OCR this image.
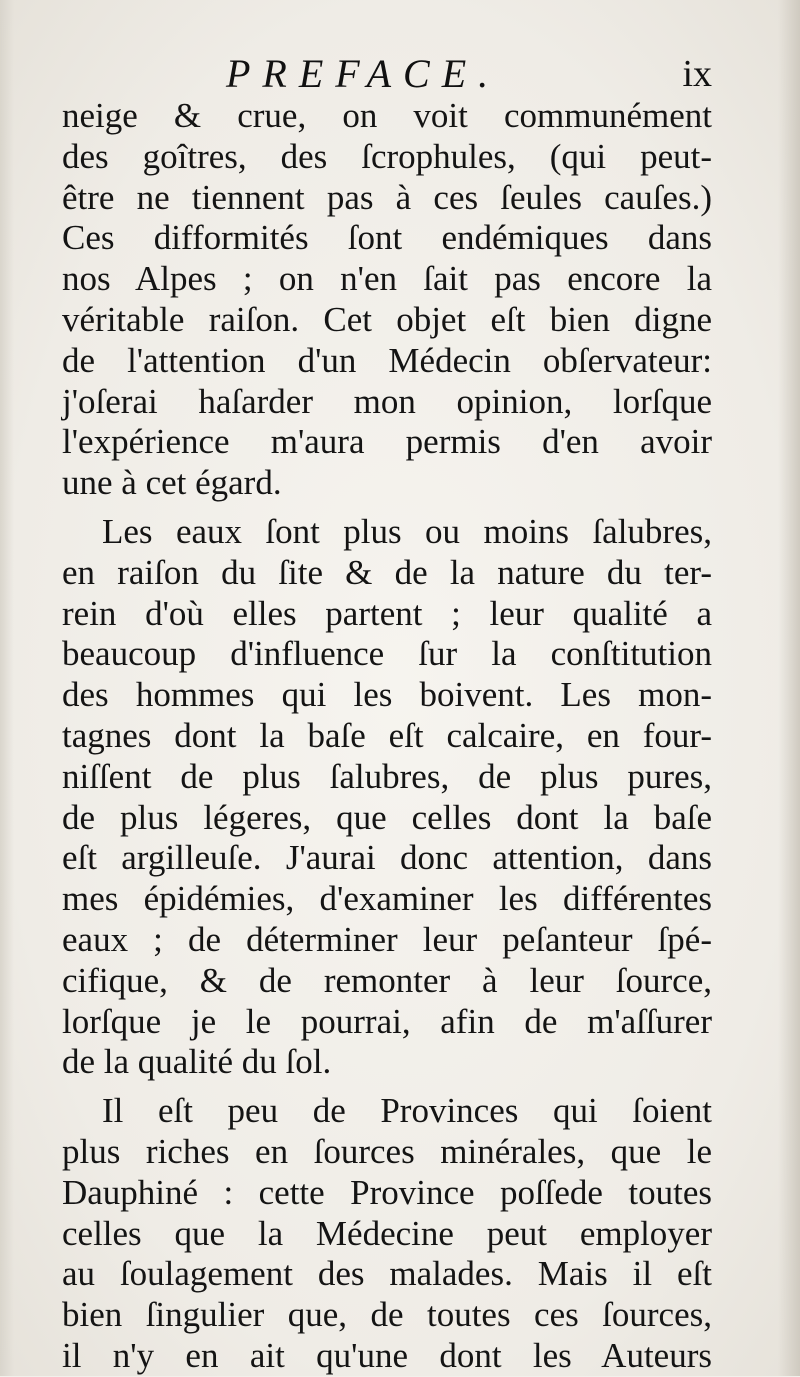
PREFACE.	ix
neige & crue, on voit communément
des goîtres, des ſcrophules, (qui peut-
être ne tiennent pas à ces ſeules cauſes.)
Ces difformités ſont endémiques dans
nos Alpes ; on n'en ſait pas encore la
véritable raiſon. Cet objet eſt bien digne
de l'attention d'un Médecin obſervateur:
j'oſerai haſarder mon opinion, lorſque
l'expérience m'aura permis d'en avoir
une à cet égard.
Les eaux ſont plus ou moins ſalubres,
en raiſon du ſite & de la nature du ter-
rein d'où elles partent ; leur qualité a
beaucoup d'influence ſur la conſtitution
des hommes qui les boivent. Les mon-
tagnes dont la baſe eſt calcaire, en four-
niſſent de plus ſalubres, de plus pures,
de plus légeres, que celles dont la baſe
eſt argilleuſe. J'aurai donc attention, dans
mes épidémies, d'examiner les différentes
eaux ; de déterminer leur peſanteur ſpé-
cifique, & de remonter à leur ſource,
lorſque je le pourrai, afin de m'aſſurer
de la qualité du ſol.
Il eſt peu de Provinces qui ſoient
plus riches en ſources minérales, que le
Dauphiné : cette Province poſſede toutes
celles que la Médecine peut employer
au ſoulagement des malades. Mais il eſt
bien ſingulier que, de toutes ces ſources,
il n'y en ait qu'une dont les Auteurs
